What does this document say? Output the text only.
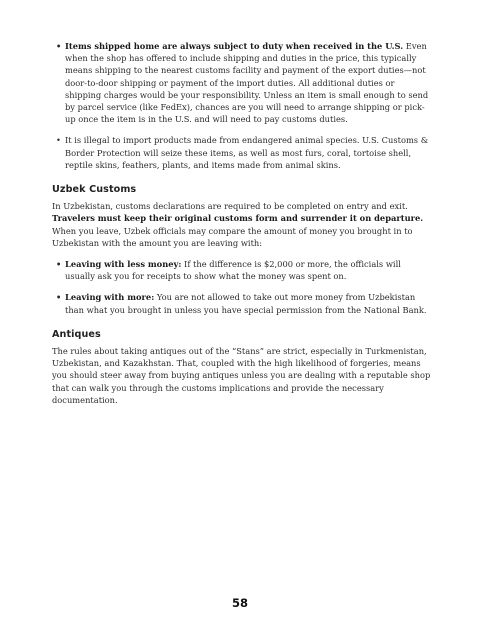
• Items shipped home are always subject to duty when received in the U.S. Even when the shop has offered to include shipping and duties in the price, this typically means shipping to the nearest customs facility and payment of the export duties—not door-to-door shipping or payment of the import duties. All additional duties or shipping charges would be your responsibility. Unless an item is small enough to send by parcel service (like FedEx), chances are you will need to arrange shipping or pick-up once the item is in the U.S. and will need to pay customs duties.
• It is illegal to import products made from endangered animal species. U.S. Customs & Border Protection will seize these items, as well as most furs, coral, tortoise shell, reptile skins, feathers, plants, and items made from animal skins.
Uzbek Customs

In Uzbekistan, customs declarations are required to be completed on entry and exit. Travelers must keep their original customs form and surrender it on departure. When you leave, Uzbek officials may compare the amount of money you brought in to Uzbekistan with the amount you are leaving with:

• Leaving with less money: If the difference is $2,000 or more, the officials will usually ask you for receipts to show what the money was spent on.
• Leaving with more: You are not allowed to take out more money from Uzbekistan than what you brought in unless you have special permission from the National Bank.
Antiques

The rules about taking antiques out of the “Stans” are strict, especially in Turkmenistan, Uzbekistan, and Kazakhstan. That, coupled with the high likelihood of forgeries, means you should steer away from buying antiques unless you are dealing with a reputable shop that can walk you through the customs implications and provide the necessary documentation.

58
